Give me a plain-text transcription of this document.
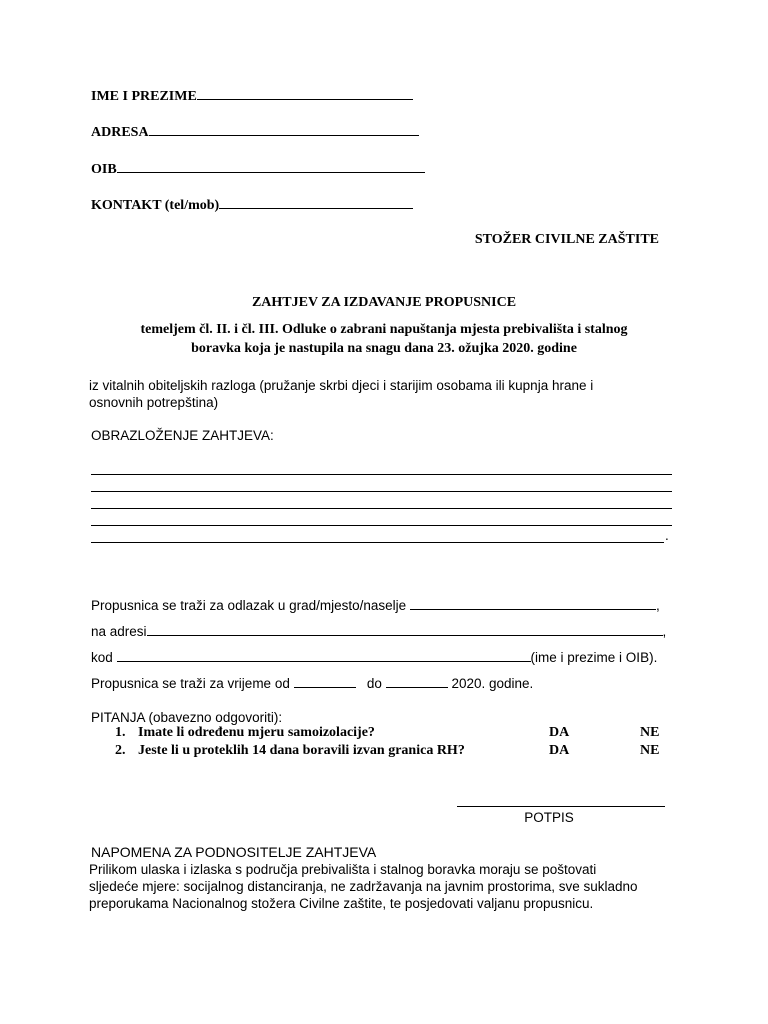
IME I PREZIME
ADRESA
OIB
KONTAKT (tel/mob)
STOŽER CIVILNE ZAŠTITE
ZAHTJEV ZA IZDAVANJE PROPUSNICE
temeljem čl. II. i čl. III. Odluke o zabrani napuštanja mjesta prebivališta i stalnog
boravka koja je nastupila na snagu dana 23. ožujka 2020. godine
iz vitalnih obiteljskih razloga (pružanje skrbi djeci i starijim osobama ili kupnja hrane i
osnovnih potrepština)
OBRAZLOŽENJE ZAHTJEVA:
.
Propusnica se traži za odlazak u grad/mjesto/naselje	,
na adresi	,
kod	(ime i prezime i OIB).
Propusnica se traži za vrijeme od	do	2020. godine.
PITANJA (obavezno odgovoriti):
1. Imate li određenu mjeru samoizolacije?	DA	NE
2. Jeste li u proteklih 14 dana boravili izvan granica RH?	DA	NE
POTPIS
NAPOMENA ZA PODNOSITELJE ZAHTJEVA
Prilikom ulaska i izlaska s područja prebivališta i stalnog boravka moraju se poštovati
sljedeće mjere: socijalnog distanciranja, ne zadržavanja na javnim prostorima, sve sukladno
preporukama Nacionalnog stožera Civilne zaštite, te posjedovati valjanu propusnicu.
